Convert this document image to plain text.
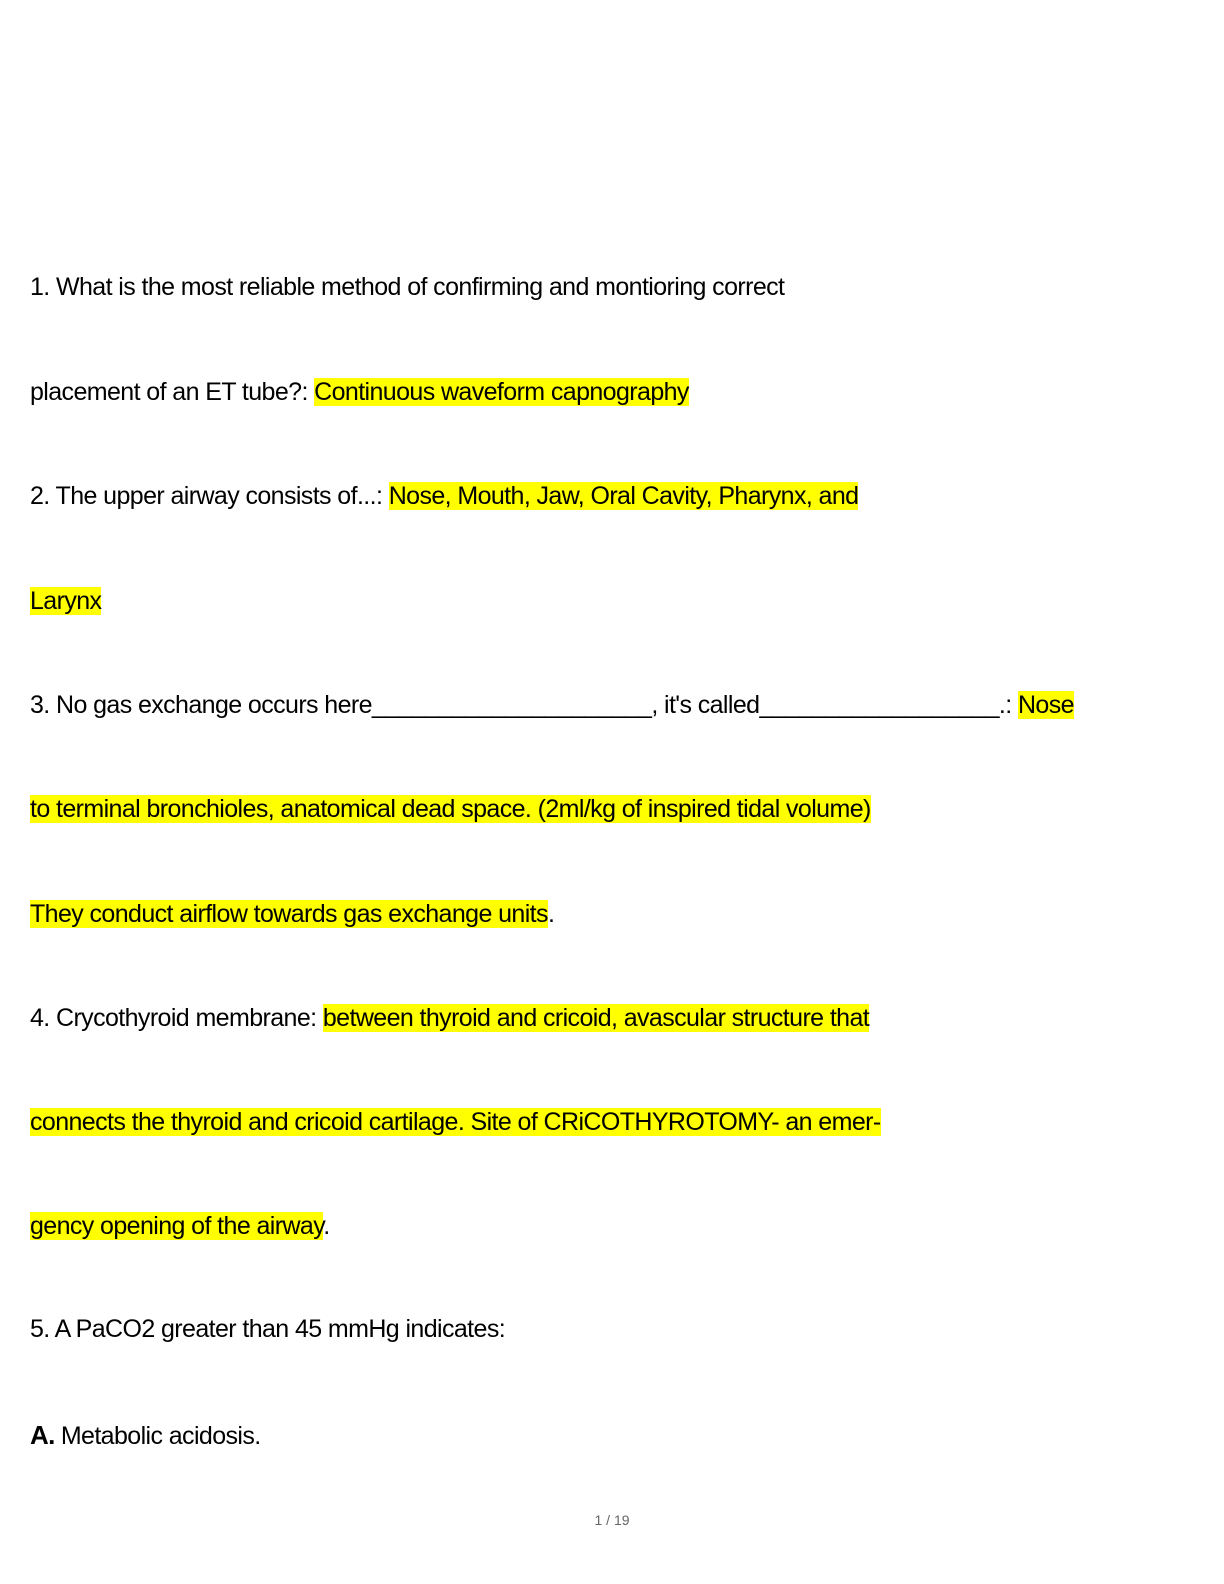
1. What is the most reliable method of confirming and montioring correct
placement of an ET tube?: Continuous waveform capnography
2. The upper airway consists of...: Nose, Mouth, Jaw, Oral Cavity, Pharynx, and
Larynx
3. No gas exchange occurs here_____________________, it's called__________________.: Nose
to terminal bronchioles, anatomical dead space. (2ml/kg of inspired tidal volume)
They conduct airflow towards gas exchange units.
4. Crycothyroid membrane: between thyroid and cricoid, avascular structure that
connects the thyroid and cricoid cartilage. Site of CRiCOTHYROTOMY- an emer-
gency opening of the airway.
5. A PaCO2 greater than 45 mmHg indicates:
A. Metabolic acidosis.
1 / 19
